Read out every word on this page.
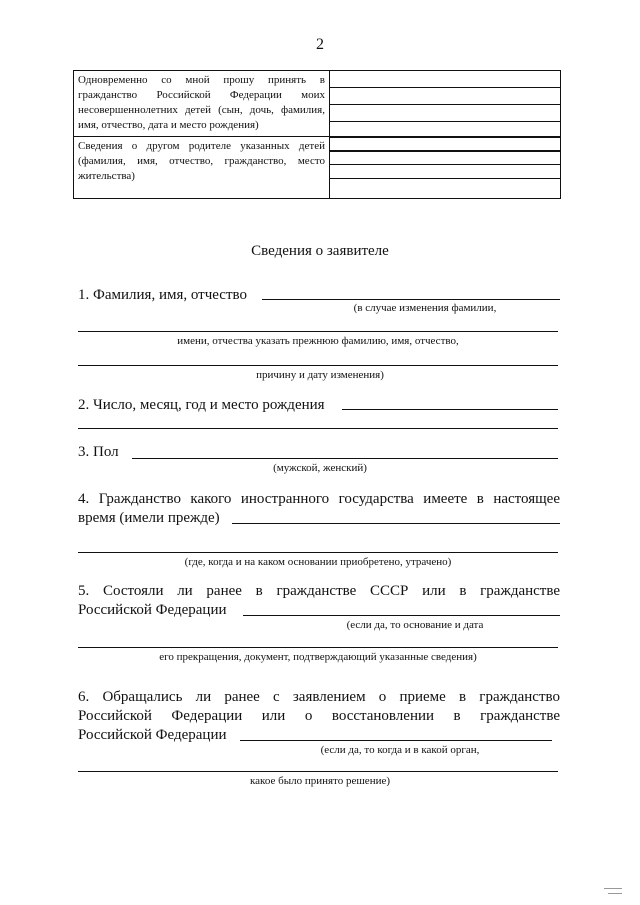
2
Одновременно со мной прошу принять в гражданство Российской Федерации моих несовершеннолетних детей (сын, дочь, фамилия, имя, отчество, дата и место рождения)	

Сведения о другом родителе указанных детей (фамилия, имя, отчество, гражданство, место жительства)	
Сведения о заявителе
1. Фамилия, имя, отчество
(в случае изменения фамилии,
имени, отчества указать прежнюю фамилию, имя, отчество,
причину и дату изменения)
2. Число, месяц, год и место рождения
3. Пол
(мужской, женский)
4. Гражданство какого иностранного государства имеете в настоящее
время (имели прежде)
(где, когда и на каком основании приобретено, утрачено)
5. Состояли ли ранее в гражданстве СССР или в гражданстве
Российской Федерации
(если да, то основание и дата
его прекращения, документ, подтверждающий указанные сведения)
6. Обращались ли ранее с заявлением о приеме в гражданство
Российской Федерации или о восстановлении в гражданстве
Российской Федерации
(если да, то когда и в какой орган,
какое было принято решение)
